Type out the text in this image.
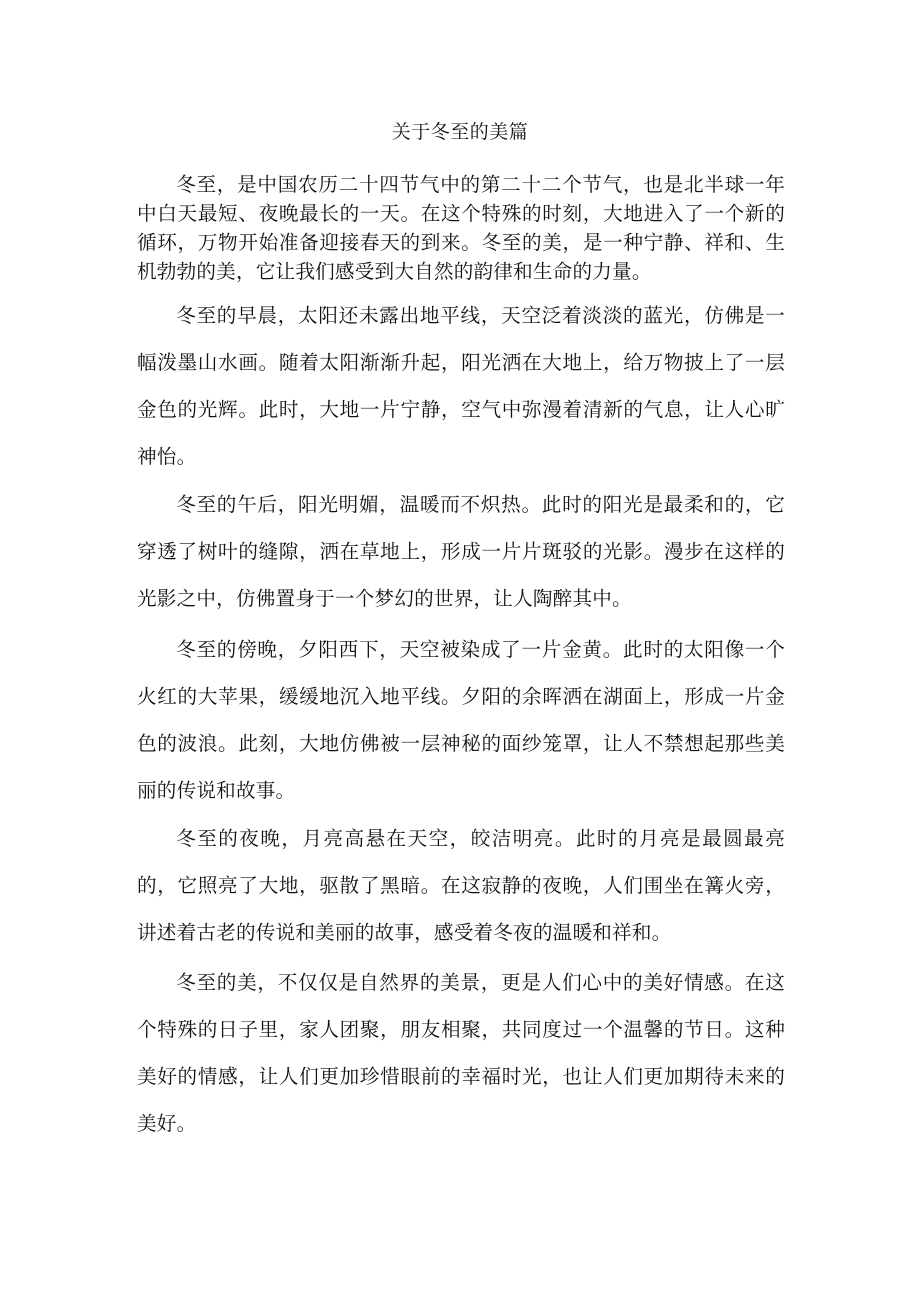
关于冬至的美篇

冬至，是中国农历二十四节气中的第二十二个节气，也是北半球一年中白天最短、夜晚最长的一天。在这个特殊的时刻，大地进入了一个新的循环，万物开始准备迎接春天的到来。冬至的美，是一种宁静、祥和、生机勃勃的美，它让我们感受到大自然的韵律和生命的力量。

冬至的早晨，太阳还未露出地平线，天空泛着淡淡的蓝光，仿佛是一幅泼墨山水画。随着太阳渐渐升起，阳光洒在大地上，给万物披上了一层金色的光辉。此时，大地一片宁静，空气中弥漫着清新的气息，让人心旷神怡。

冬至的午后，阳光明媚，温暖而不炽热。此时的阳光是最柔和的，它穿透了树叶的缝隙，洒在草地上，形成一片片斑驳的光影。漫步在这样的光影之中，仿佛置身于一个梦幻的世界，让人陶醉其中。

冬至的傍晚，夕阳西下，天空被染成了一片金黄。此时的太阳像一个火红的大苹果，缓缓地沉入地平线。夕阳的余晖洒在湖面上，形成一片金色的波浪。此刻，大地仿佛被一层神秘的面纱笼罩，让人不禁想起那些美丽的传说和故事。

冬至的夜晚，月亮高悬在天空，皎洁明亮。此时的月亮是最圆最亮的，它照亮了大地，驱散了黑暗。在这寂静的夜晚，人们围坐在篝火旁，讲述着古老的传说和美丽的故事，感受着冬夜的温暖和祥和。

冬至的美，不仅仅是自然界的美景，更是人们心中的美好情感。在这个特殊的日子里，家人团聚，朋友相聚，共同度过一个温馨的节日。这种美好的情感，让人们更加珍惜眼前的幸福时光，也让人们更加期待未来的美好。
